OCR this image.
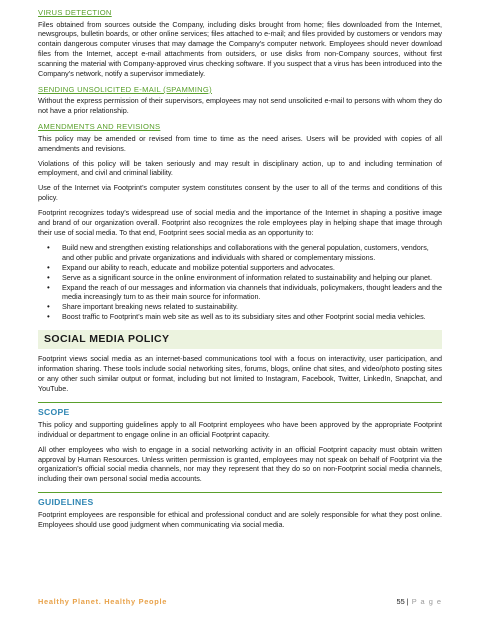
VIRUS DETECTION

Files obtained from sources outside the Company, including disks brought from home; files downloaded from the Internet, newsgroups, bulletin boards, or other online services; files attached to e-mail; and files provided by customers or vendors may contain dangerous computer viruses that may damage the Company’s computer network. Employees should never download files from the Internet, accept e-mail attachments from outsiders, or use disks from non-Company sources, without first scanning the material with Company-approved virus checking software. If you suspect that a virus has been introduced into the Company’s network, notify a supervisor immediately.

SENDING UNSOLICITED E-MAIL (SPAMMING)

Without the express permission of their supervisors, employees may not send unsolicited e-mail to persons with whom they do not have a prior relationship.

AMENDMENTS AND REVISIONS

This policy may be amended or revised from time to time as the need arises. Users will be provided with copies of all amendments and revisions.

Violations of this policy will be taken seriously and may result in disciplinary action, up to and including termination of employment, and civil and criminal liability.

Use of the Internet via Footprint’s computer system constitutes consent by the user to all of the terms and conditions of this policy.

Footprint recognizes today’s widespread use of social media and the importance of the Internet in shaping a positive image and brand of our organization overall. Footprint also recognizes the role employees play in helping shape that image through their use of social media. To that end, Footprint sees social media as an opportunity to:

• Build new and strengthen existing relationships and collaborations with the general population, customers, vendors, and other public and private organizations and individuals with shared or complementary missions.
• Expand our ability to reach, educate and mobilize potential supporters and advocates.
• Serve as a significant source in the online environment of information related to sustainability and helping our planet.
• Expand the reach of our messages and information via channels that individuals, policymakers, thought leaders and the media increasingly turn to as their main source for information.
• Share important breaking news related to sustainability.
• Boost traffic to Footprint’s main web site as well as to its subsidiary sites and other Footprint social media vehicles.
SOCIAL MEDIA POLICY

Footprint views social media as an internet-based communications tool with a focus on interactivity, user participation, and information sharing. These tools include social networking sites, forums, blogs, online chat sites, and video/photo posting sites or any other such similar output or format, including but not limited to Instagram, Facebook, Twitter, LinkedIn, Snapchat, and YouTube.

SCOPE

This policy and supporting guidelines apply to all Footprint employees who have been approved by the appropriate Footprint individual or department to engage online in an official Footprint capacity.

All other employees who wish to engage in a social networking activity in an official Footprint capacity must obtain written approval by Human Resources. Unless written permission is granted, employees may not speak on behalf of Footprint via the organization’s official social media channels, nor may they represent that they do so on non-Footprint social media channels, including their own personal social media accounts.

GUIDELINES

Footprint employees are responsible for ethical and professional conduct and are solely responsible for what they post online. Employees should use good judgment when communicating via social media.

Healthy Planet. Healthy People	55 | P a g e
